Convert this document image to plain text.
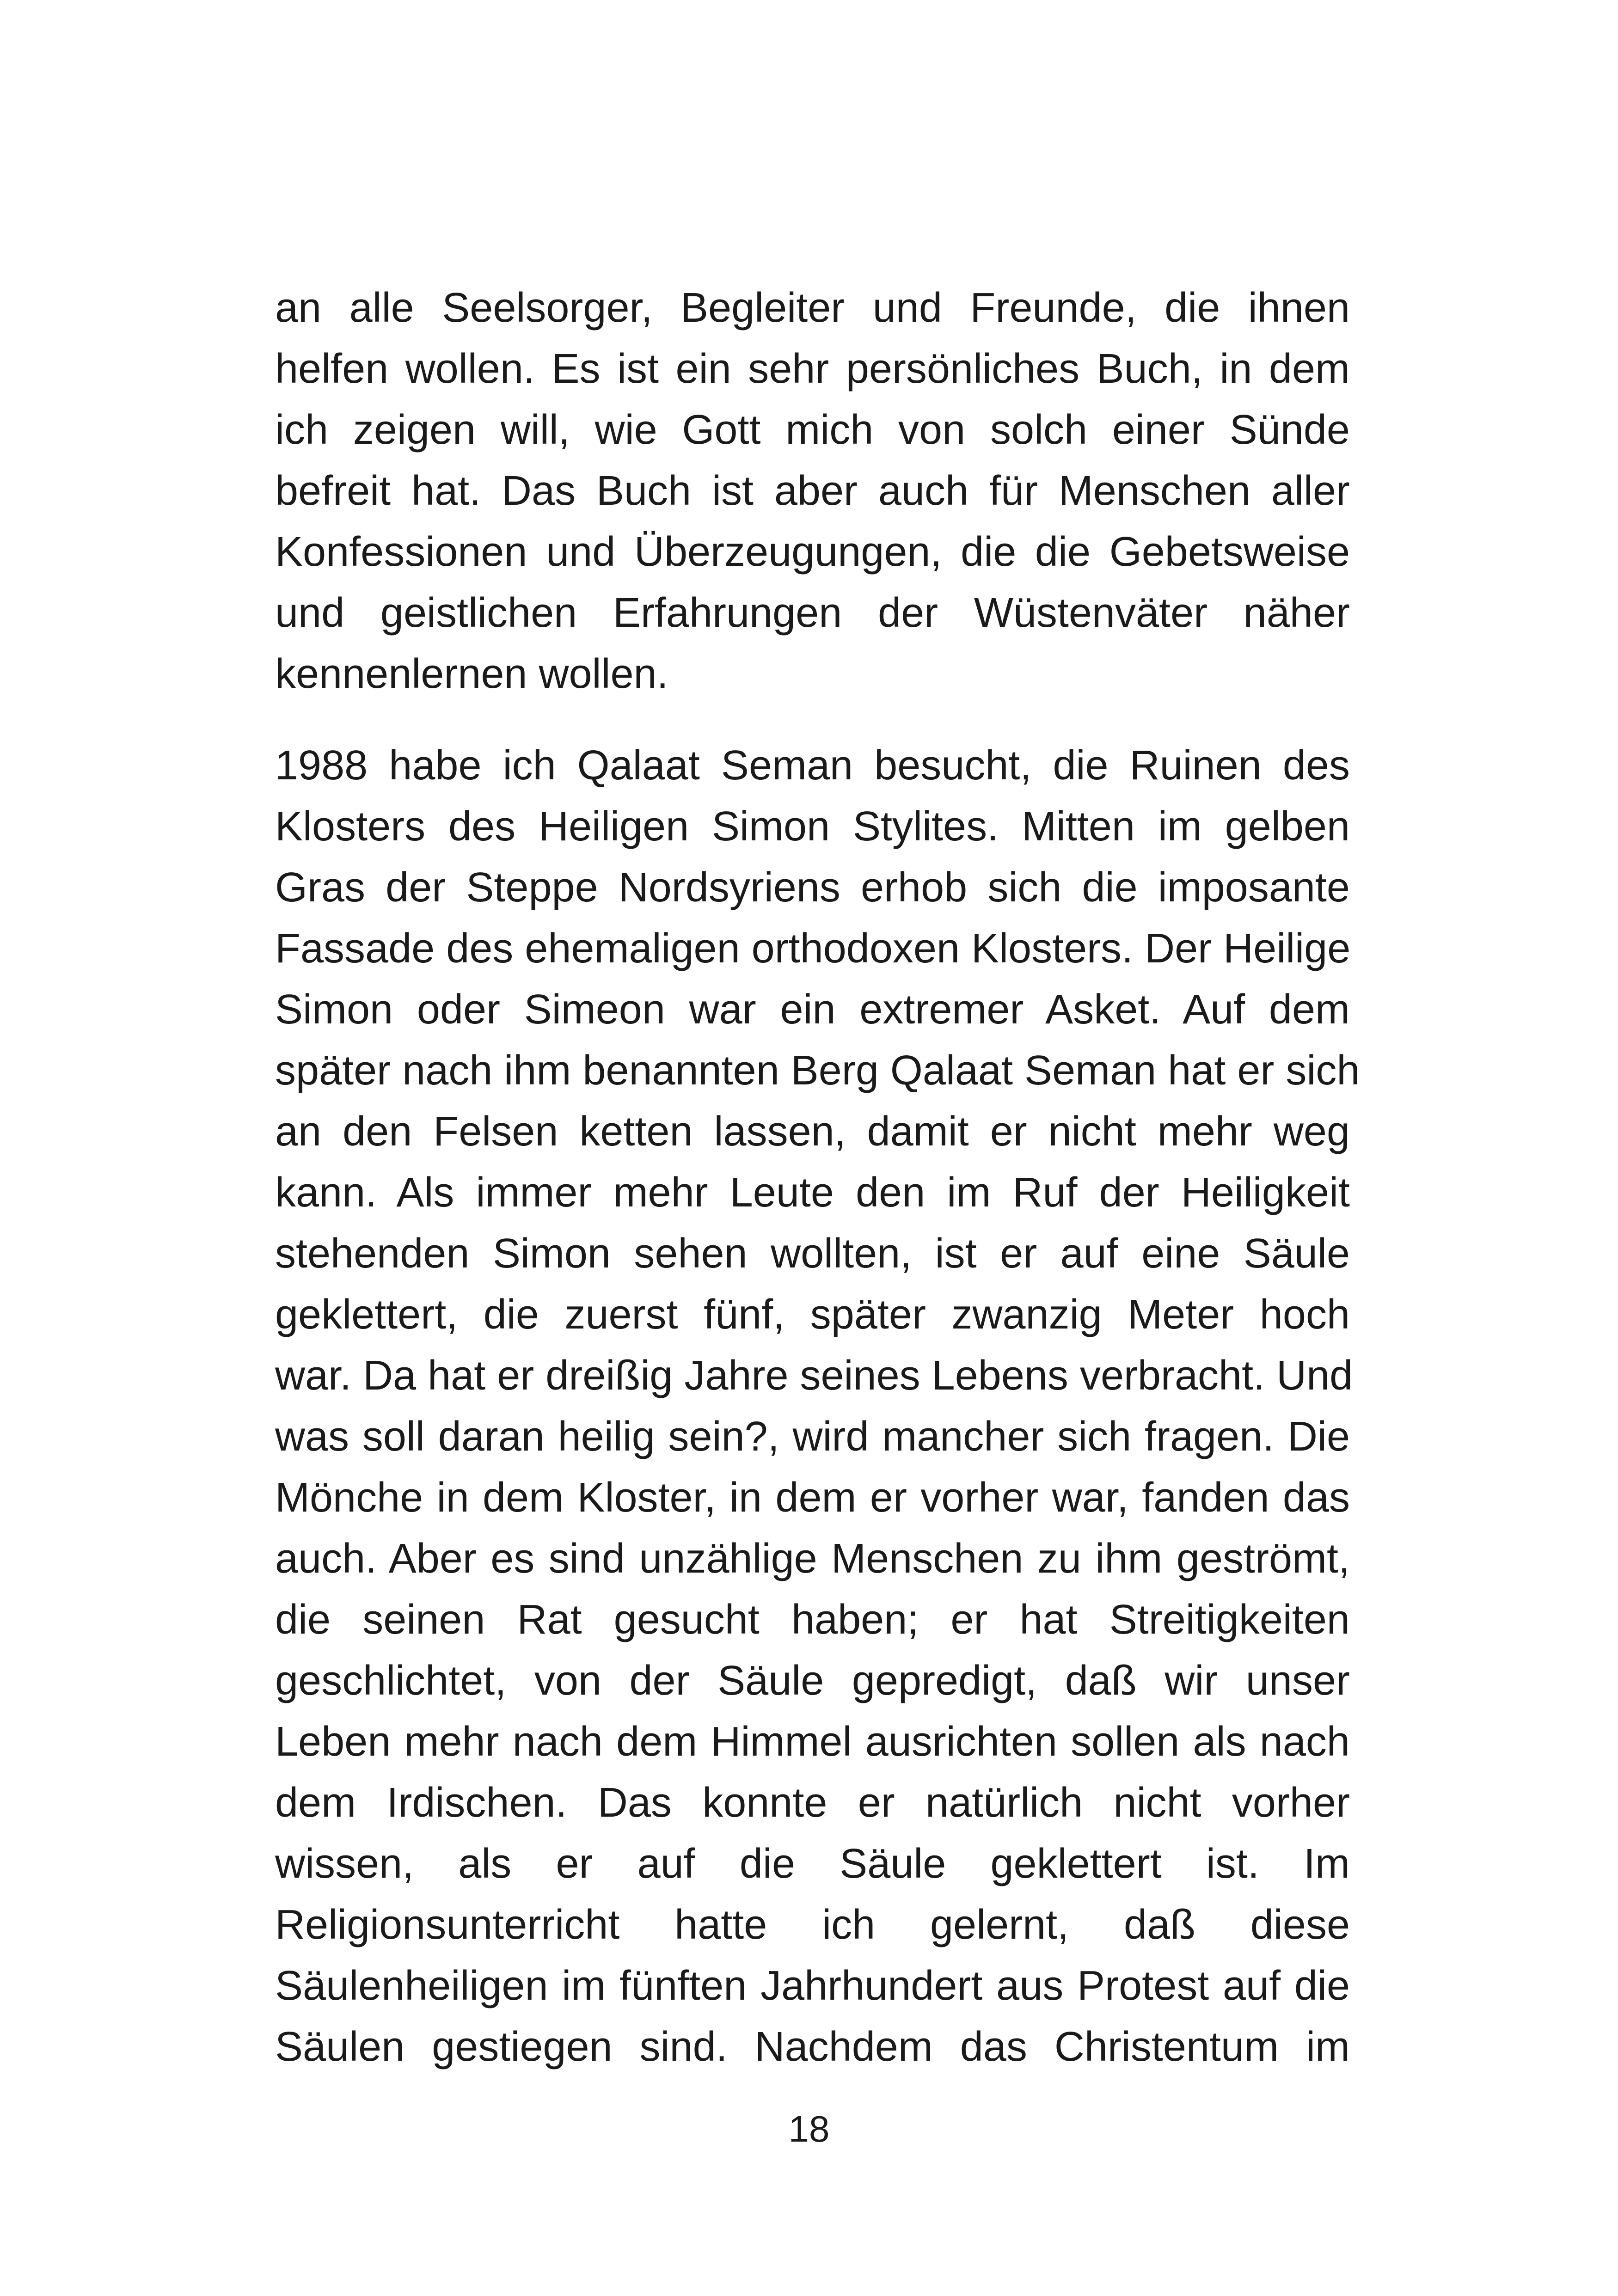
an alle Seelsorger, Begleiter und Freunde, die ihnen
helfen wollen. Es ist ein sehr persönliches Buch, in dem
ich zeigen will, wie Gott mich von solch einer Sünde
befreit hat. Das Buch ist aber auch für Menschen aller
Konfessionen und Überzeugungen, die die Gebetsweise
und geistlichen Erfahrungen der Wüstenväter näher
kennenlernen wollen.
1988 habe ich Qalaat Seman besucht, die Ruinen des
Klosters des Heiligen Simon Stylites. Mitten im gelben
Gras der Steppe Nordsyriens erhob sich die imposante
Fassade des ehemaligen orthodoxen Klosters. Der Heilige
Simon oder Simeon war ein extremer Asket. Auf dem
später nach ihm benannten Berg Qalaat Seman hat er sich
an den Felsen ketten lassen, damit er nicht mehr weg
kann. Als immer mehr Leute den im Ruf der Heiligkeit
stehenden Simon sehen wollten, ist er auf eine Säule
geklettert, die zuerst fünf, später zwanzig Meter hoch
war. Da hat er dreißig Jahre seines Lebens verbracht. Und
was soll daran heilig sein?, wird mancher sich fragen. Die
Mönche in dem Kloster, in dem er vorher war, fanden das
auch. Aber es sind unzählige Menschen zu ihm geströmt,
die seinen Rat gesucht haben; er hat Streitigkeiten
geschlichtet, von der Säule gepredigt, daß wir unser
Leben mehr nach dem Himmel ausrichten sollen als nach
dem Irdischen. Das konnte er natürlich nicht vorher
wissen, als er auf die Säule geklettert ist. Im
Religionsunterricht hatte ich gelernt, daß diese
Säulenheiligen im fünften Jahrhundert aus Protest auf die
Säulen gestiegen sind. Nachdem das Christentum im
18
